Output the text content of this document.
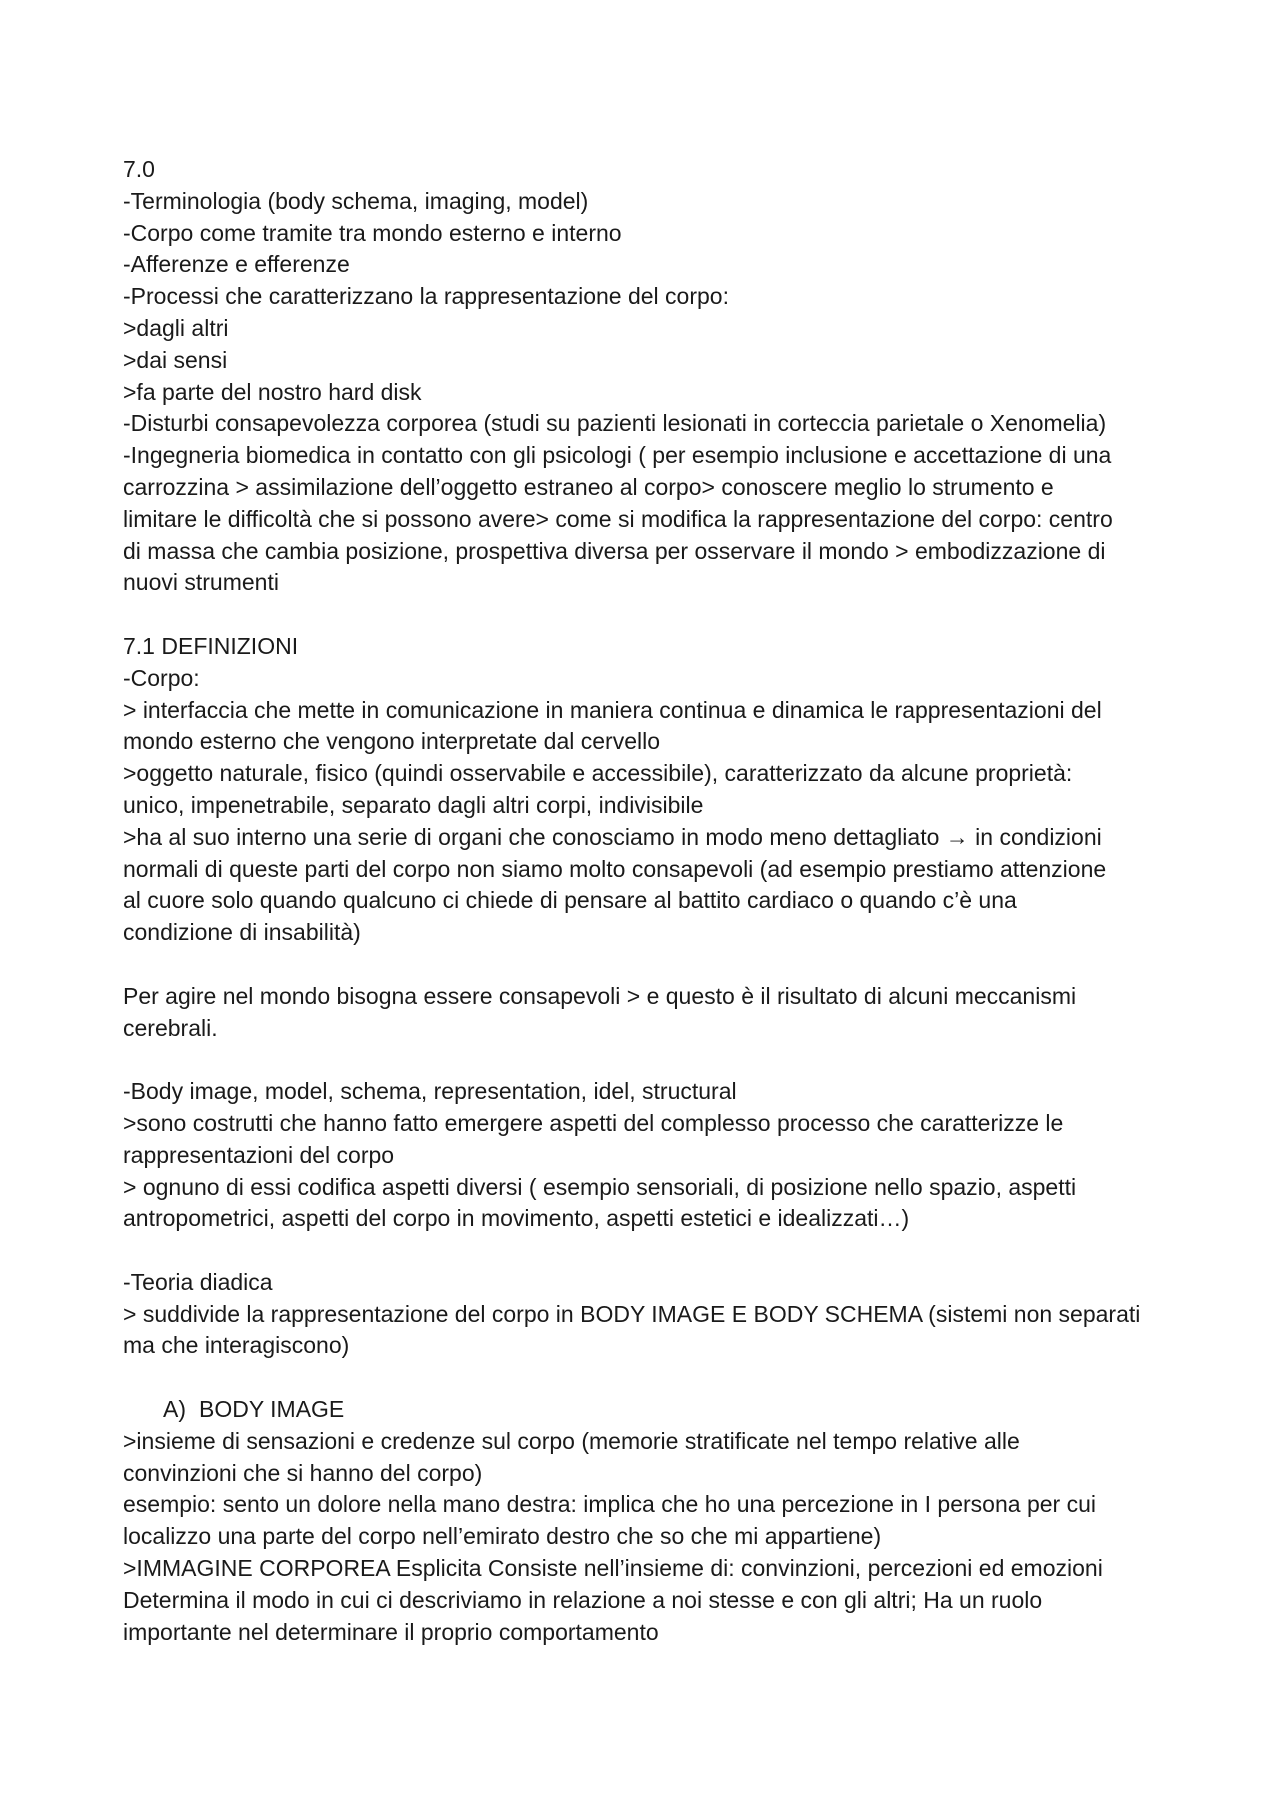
7.0
-Terminologia (body schema, imaging, model)
-Corpo come tramite tra mondo esterno e interno
-Afferenze e efferenze
-Processi che caratterizzano la rappresentazione del corpo:
>dagli altri
>dai sensi
>fa parte del nostro hard disk
-Disturbi consapevolezza corporea (studi su pazienti lesionati in corteccia parietale o Xenomelia)
-Ingegneria biomedica in contatto con gli psicologi ( per esempio inclusione e accettazione di una
carrozzina > assimilazione dell’oggetto estraneo al corpo> conoscere meglio lo strumento e
limitare le difficoltà che si possono avere> come si modifica la rappresentazione del corpo: centro
di massa che cambia posizione, prospettiva diversa per osservare il mondo > embodizzazione di
nuovi strumenti
7.1 DEFINIZIONI
-Corpo:
> interfaccia che mette in comunicazione in maniera continua e dinamica le rappresentazioni del
mondo esterno che vengono interpretate dal cervello
>oggetto naturale, fisico (quindi osservabile e accessibile), caratterizzato da alcune proprietà:
unico, impenetrabile, separato dagli altri corpi, indivisibile
>ha al suo interno una serie di organi che conosciamo in modo meno dettagliato → in condizioni
normali di queste parti del corpo non siamo molto consapevoli (ad esempio prestiamo attenzione
al cuore solo quando qualcuno ci chiede di pensare al battito cardiaco o quando c’è una
condizione di insabilità)
Per agire nel mondo bisogna essere consapevoli > e questo è il risultato di alcuni meccanismi
cerebrali.
-Body image, model, schema, representation, idel, structural
>sono costrutti che hanno fatto emergere aspetti del complesso processo che caratterizze le
rappresentazioni del corpo
> ognuno di essi codifica aspetti diversi ( esempio sensoriali, di posizione nello spazio, aspetti
antropometrici, aspetti del corpo in movimento, aspetti estetici e idealizzati…)
-Teoria diadica
> suddivide la rappresentazione del corpo in BODY IMAGE E BODY SCHEMA (sistemi non separati
ma che interagiscono)
A) BODY IMAGE
>insieme di sensazioni e credenze sul corpo (memorie stratificate nel tempo relative alle
convinzioni che si hanno del corpo)
esempio: sento un dolore nella mano destra: implica che ho una percezione in I persona per cui
localizzo una parte del corpo nell’emirato destro che so che mi appartiene)
>IMMAGINE CORPOREA Esplicita Consiste nell’insieme di: convinzioni, percezioni ed emozioni
Determina il modo in cui ci descriviamo in relazione a noi stesse e con gli altri; Ha un ruolo
importante nel determinare il proprio comportamento
